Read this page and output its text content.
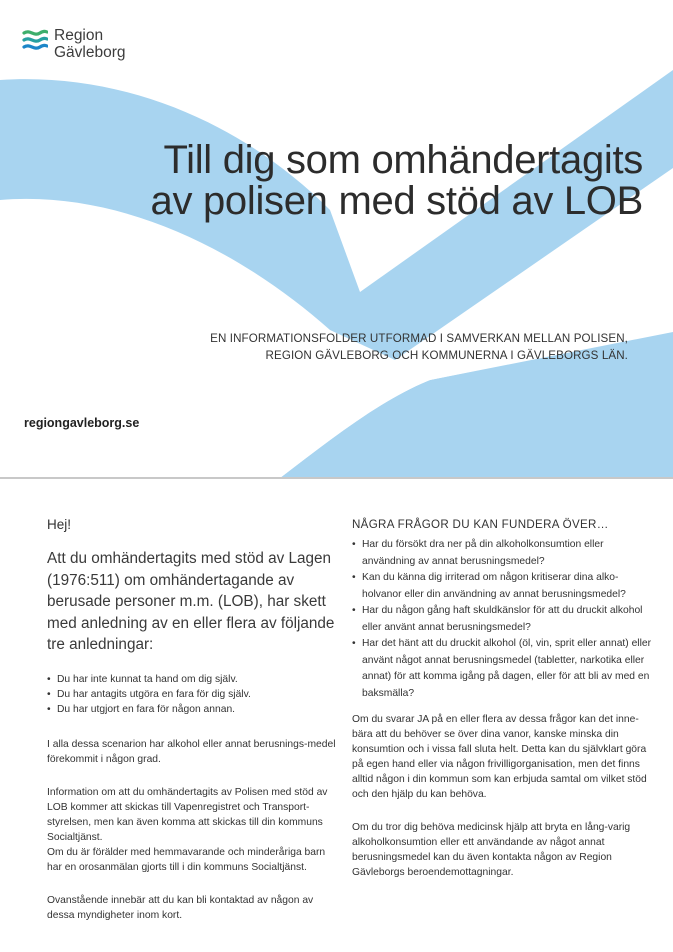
Region
Gävleborg
Till dig som omhändertagits
av polisen med stöd av LOB
EN INFORMATIONSFOLDER UTFORMAD I SAMVERKAN MELLAN POLISEN,
REGION GÄVLEBORG OCH KOMMUNERNA I GÄVLEBORGS LÄN.
regiongavleborg.se

Hej!

Att du omhändertagits med stöd av Lagen (1976:511) om omhändertagande av berusade personer m.m. (LOB), har skett med anledning av en eller flera av följande tre anledningar:

• Du har inte kunnat ta hand om dig själv.
• Du har antagits utgöra en fara för dig själv.
• Du har utgjort en fara för någon annan.

I alla dessa scenarion har alkohol eller annat berusnings-medel förekommit i någon grad.

Information om att du omhändertagits av Polisen med stöd av LOB kommer att skickas till Vapenregistret och Transport-styrelsen, men kan även komma att skickas till din kommuns Socialtjänst.

Om du är förälder med hemmavarande och minderåriga barn har en orosanmälan gjorts till i din kommuns Socialtjänst.

Ovanstående innebär att du kan bli kontaktad av någon av dessa myndigheter inom kort.

NÅGRA FRÅGOR DU KAN FUNDERA ÖVER…

• Har du försökt dra ner på din alkoholkonsumtion eller användning av annat berusningsmedel?
• Kan du känna dig irriterad om någon kritiserar dina alko-holvanor eller din användning av annat berusningsmedel?
• Har du någon gång haft skuldkänslor för att du druckit alkohol eller använt annat berusningsmedel?
• Har det hänt att du druckit alkohol (öl, vin, sprit eller annat) eller använt något annat berusningsmedel (tabletter, narkotika eller annat) för att komma igång på dagen, eller för att bli av med en baksmälla?

Om du svarar JA på en eller flera av dessa frågor kan det inne-bära att du behöver se över dina vanor, kanske minska din konsumtion och i vissa fall sluta helt. Detta kan du självklart göra på egen hand eller via någon frivilligorganisation, men det finns alltid någon i din kommun som kan erbjuda samtal om vilket stöd och den hjälp du kan behöva.

Om du tror dig behöva medicinsk hjälp att bryta en lång-varig alkoholkonsumtion eller ett användande av något annat berusningsmedel kan du även kontakta någon av Region Gävleborgs beroendemottagningar.
